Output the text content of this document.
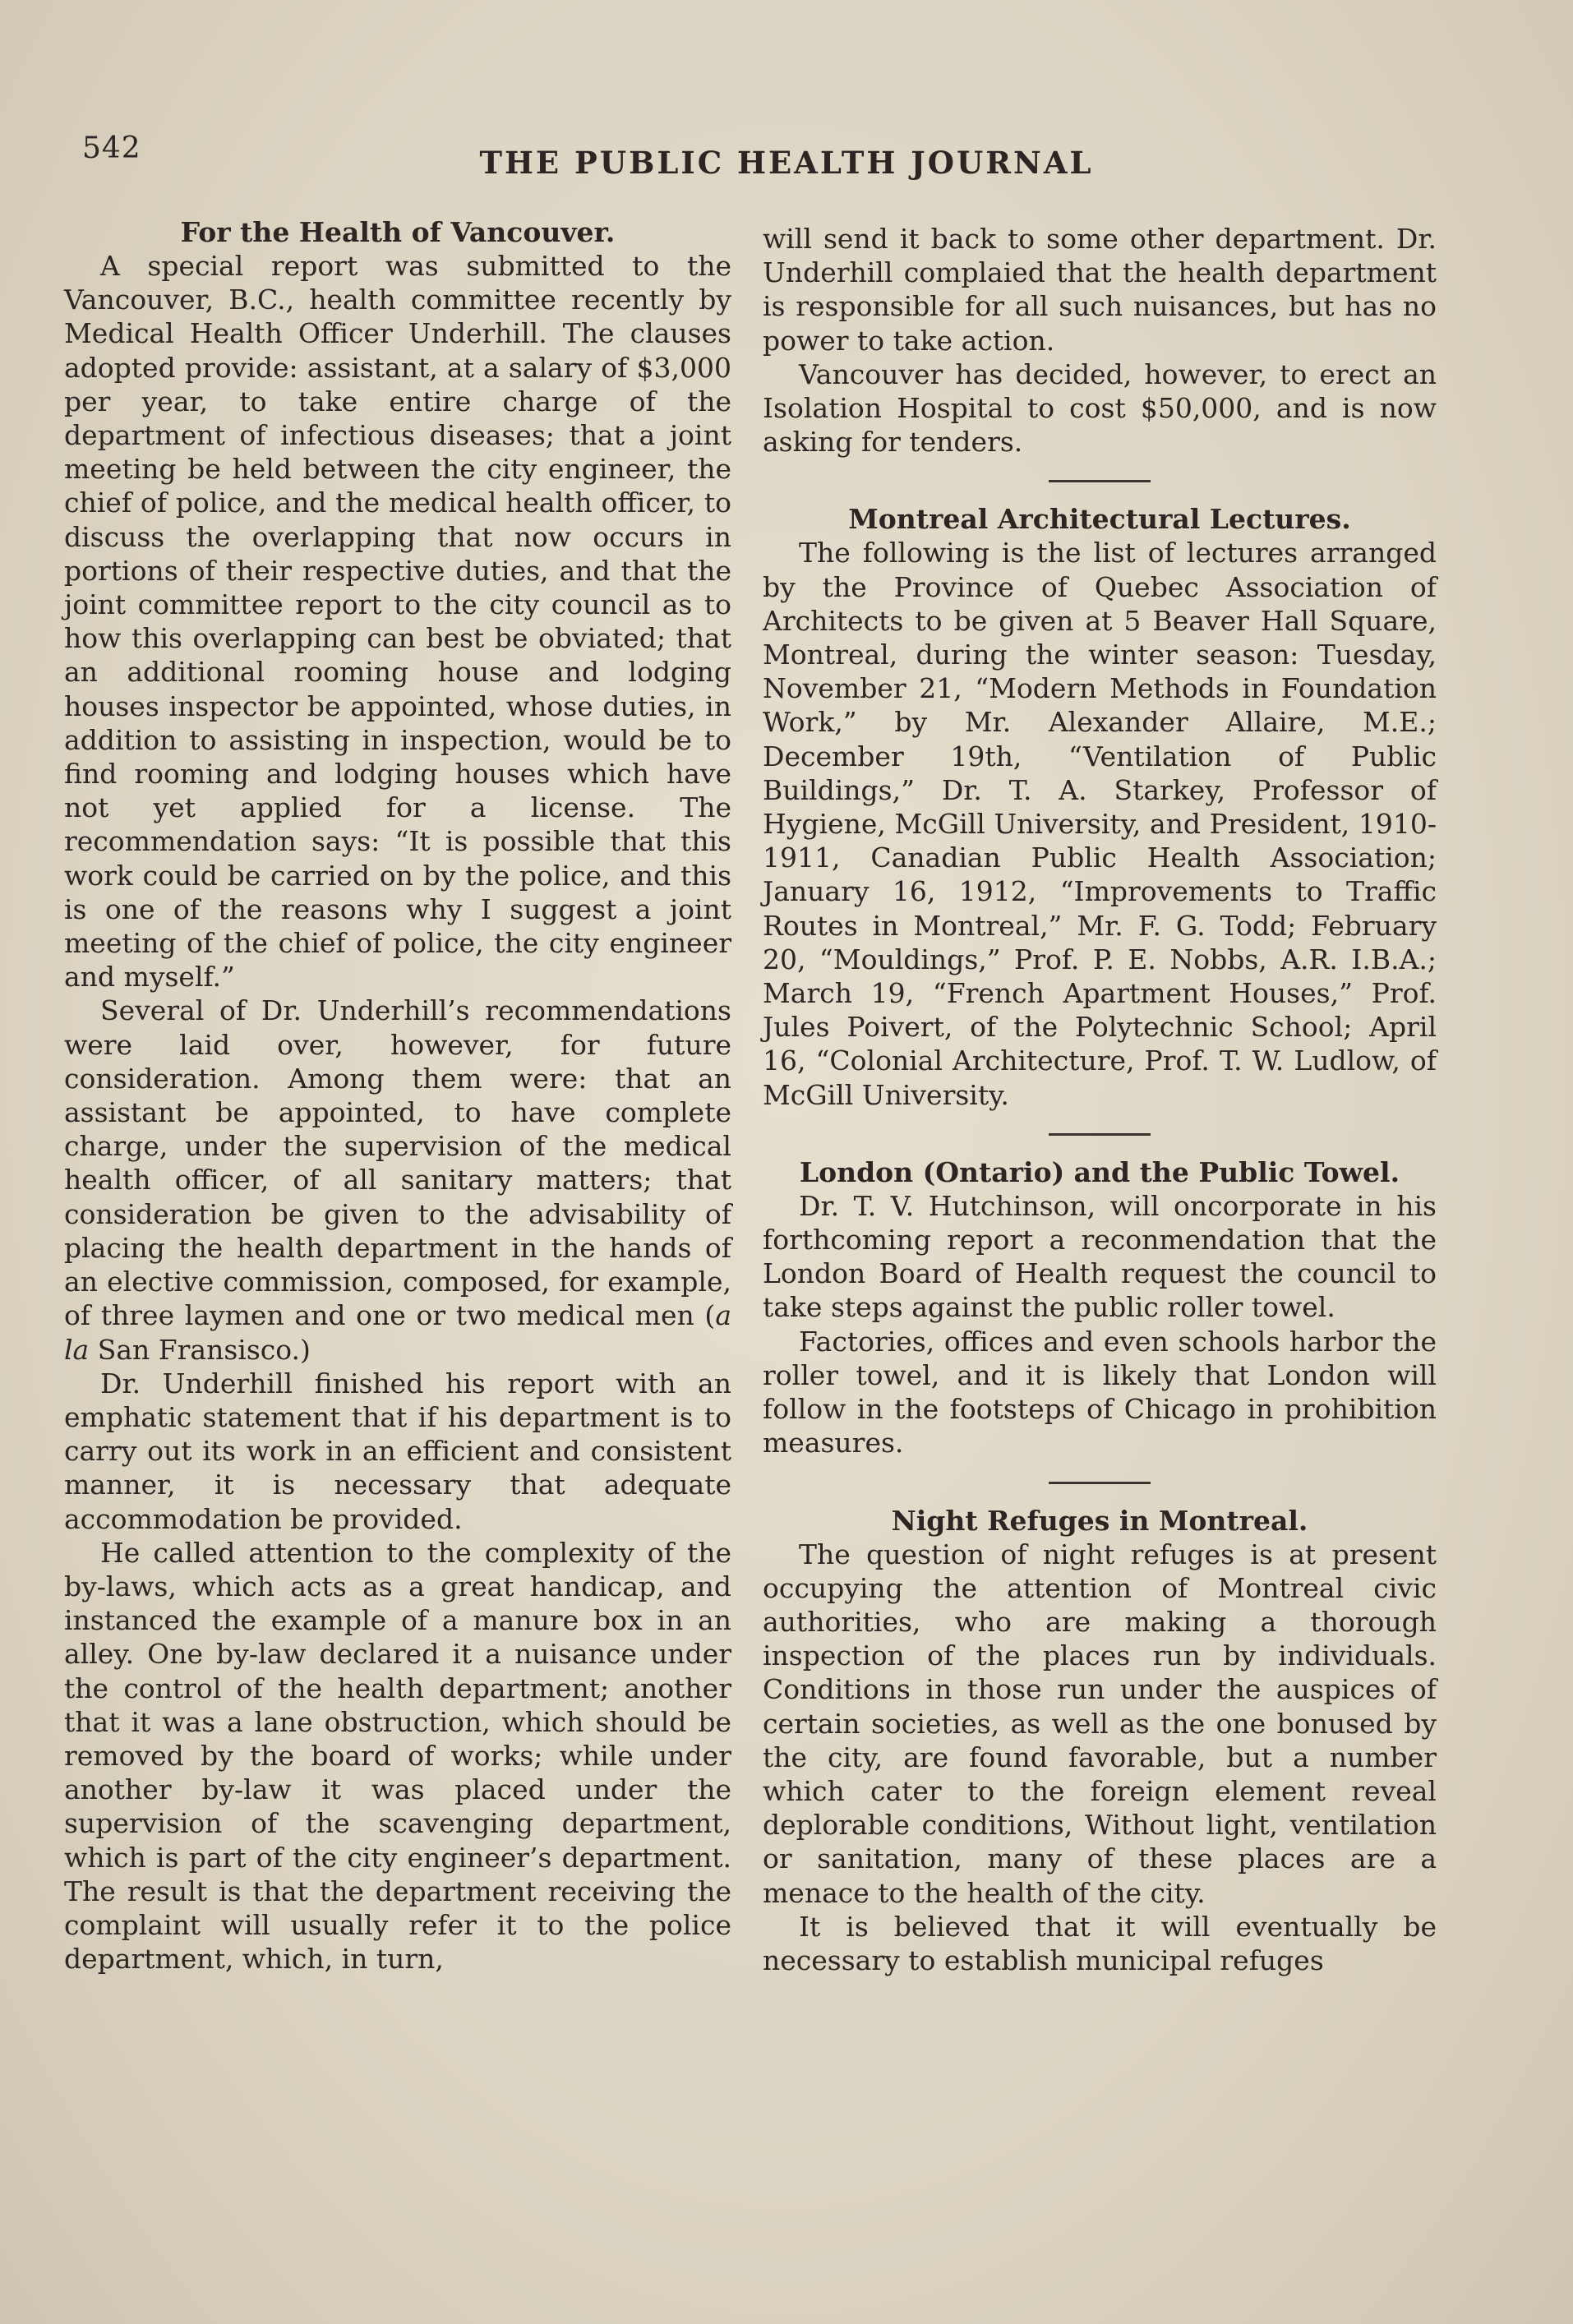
542	THE PUBLIC HEALTH JOURNAL
For the Health of Vancouver.

A special report was submitted to the Vancouver, B.C., health committee recently by Medical Health Officer Underhill. The clauses adopted provide: assistant, at a salary of $3,000 per year, to take entire charge of the department of infectious diseases; that a joint meeting be held between the city engineer, the chief of police, and the medical health officer, to discuss the overlapping that now occurs in portions of their respective duties, and that the joint committee report to the city council as to how this overlapping can best be obviated; that an additional rooming house and lodging houses inspector be appointed, whose duties, in addition to assisting in inspection, would be to find rooming and lodging houses which have not yet applied for a license. The recommendation says: “It is possible that this work could be carried on by the police, and this is one of the reasons why I suggest a joint meeting of the chief of police, the city engineer and myself.”

Several of Dr. Underhill’s recommendations were laid over, however, for future consideration. Among them were: that an assistant be appointed, to have complete charge, under the supervision of the medical health officer, of all sanitary matters; that consideration be given to the advisability of placing the health department in the hands of an elective commission, composed, for example, of three laymen and one or two medical men (a la San Fransisco.)

Dr. Underhill finished his report with an emphatic statement that if his department is to carry out its work in an efficient and consistent manner, it is necessary that adequate accommodation be provided.

He called attention to the complexity of the by-laws, which acts as a great handicap, and instanced the example of a manure box in an alley. One by-law declared it a nuisance under the control of the health department; another that it was a lane obstruction, which should be removed by the board of works; while under another by-law it was placed under the supervision of the scavenging department, which is part of the city engineer’s department. The result is that the department receiving the complaint will usually refer it to the police department, which, in turn,

will send it back to some other department. Dr. Underhill complaied that the health department is responsible for all such nuisances, but has no power to take action.

Vancouver has decided, however, to erect an Isolation Hospital to cost $50,000, and is now asking for tenders.

Montreal Architectural Lectures.

The following is the list of lectures arranged by the Province of Quebec Association of Architects to be given at 5 Beaver Hall Square, Montreal, during the winter season: Tuesday, November 21, “Modern Methods in Foundation Work,” by Mr. Alexander Allaire, M.E.; December 19th, “Ventilation of Public Buildings,” Dr. T. A. Starkey, Professor of Hygiene, McGill University, and President, 1910-1911, Canadian Public Health Association; January 16, 1912, “Improvements to Traffic Routes in Montreal,” Mr. F. G. Todd; February 20, “Mouldings,” Prof. P. E. Nobbs, A.R. I.B.A.; March 19, “French Apartment Houses,” Prof. Jules Poivert, of the Polytechnic School; April 16, “Colonial Architecture, Prof. T. W. Ludlow, of McGill University.

London (Ontario) and the Public Towel.

Dr. T. V. Hutchinson, will oncorporate in his forthcoming report a reconmendation that the London Board of Health request the council to take steps against the public roller towel.

Factories, offices and even schools harbor the roller towel, and it is likely that London will follow in the footsteps of Chicago in prohibition measures.

Night Refuges in Montreal.

The question of night refuges is at present occupying the attention of Montreal civic authorities, who are making a thorough inspection of the places run by individuals. Conditions in those run under the auspices of certain societies, as well as the one bonused by the city, are found favorable, but a number which cater to the foreign element reveal deplorable conditions, Without light, ventilation or sanitation, many of these places are a menace to the health of the city.

It is believed that it will eventually be necessary to establish municipal refuges
